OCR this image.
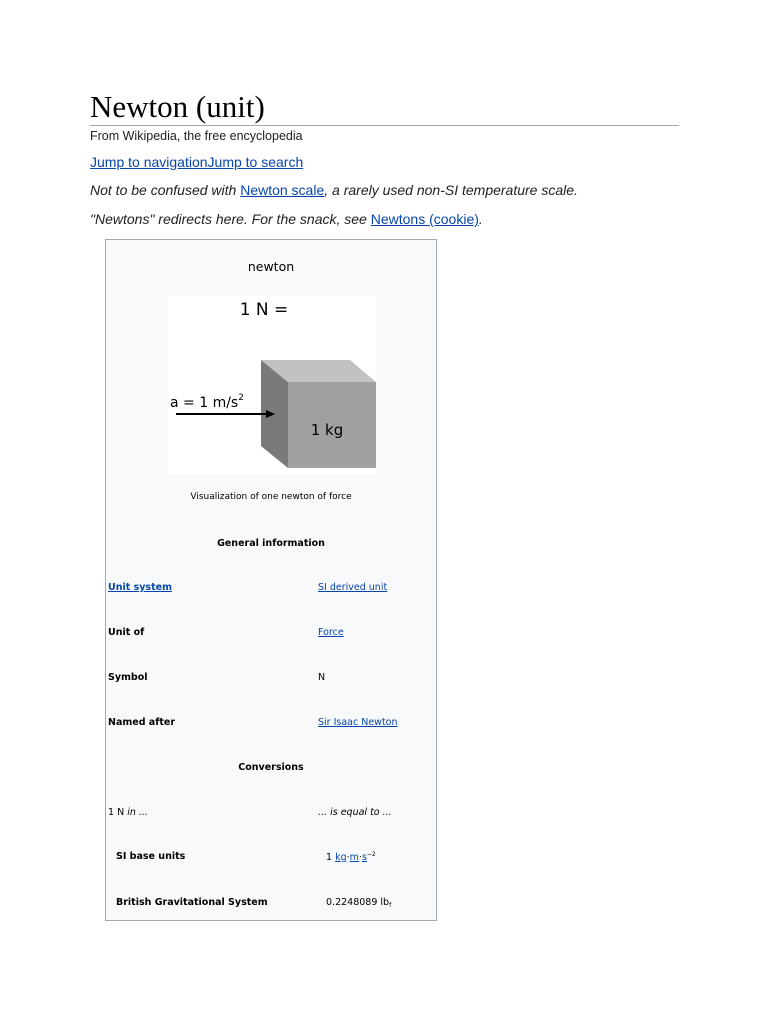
Newton (unit)
From Wikipedia, the free encyclopedia
Jump to navigationJump to search
Not to be confused with Newton scale, a rarely used non-SI temperature scale.
"Newtons" redirects here. For the snack, see Newtons (cookie).
newton
1 N =
1 kg
a = 1 $m/s^2$
Visualization of one newton of force
General information
Unit system	SI derived unit
Unit of	Force
Symbol	N
Named after	Sir Isaac Newton
Conversions
1 N in ...	... is equal to ...
SI base units	1 $kg\cdot m\cdot s^{-2}$
British Gravitational System	0.2248089 $lb_f$
